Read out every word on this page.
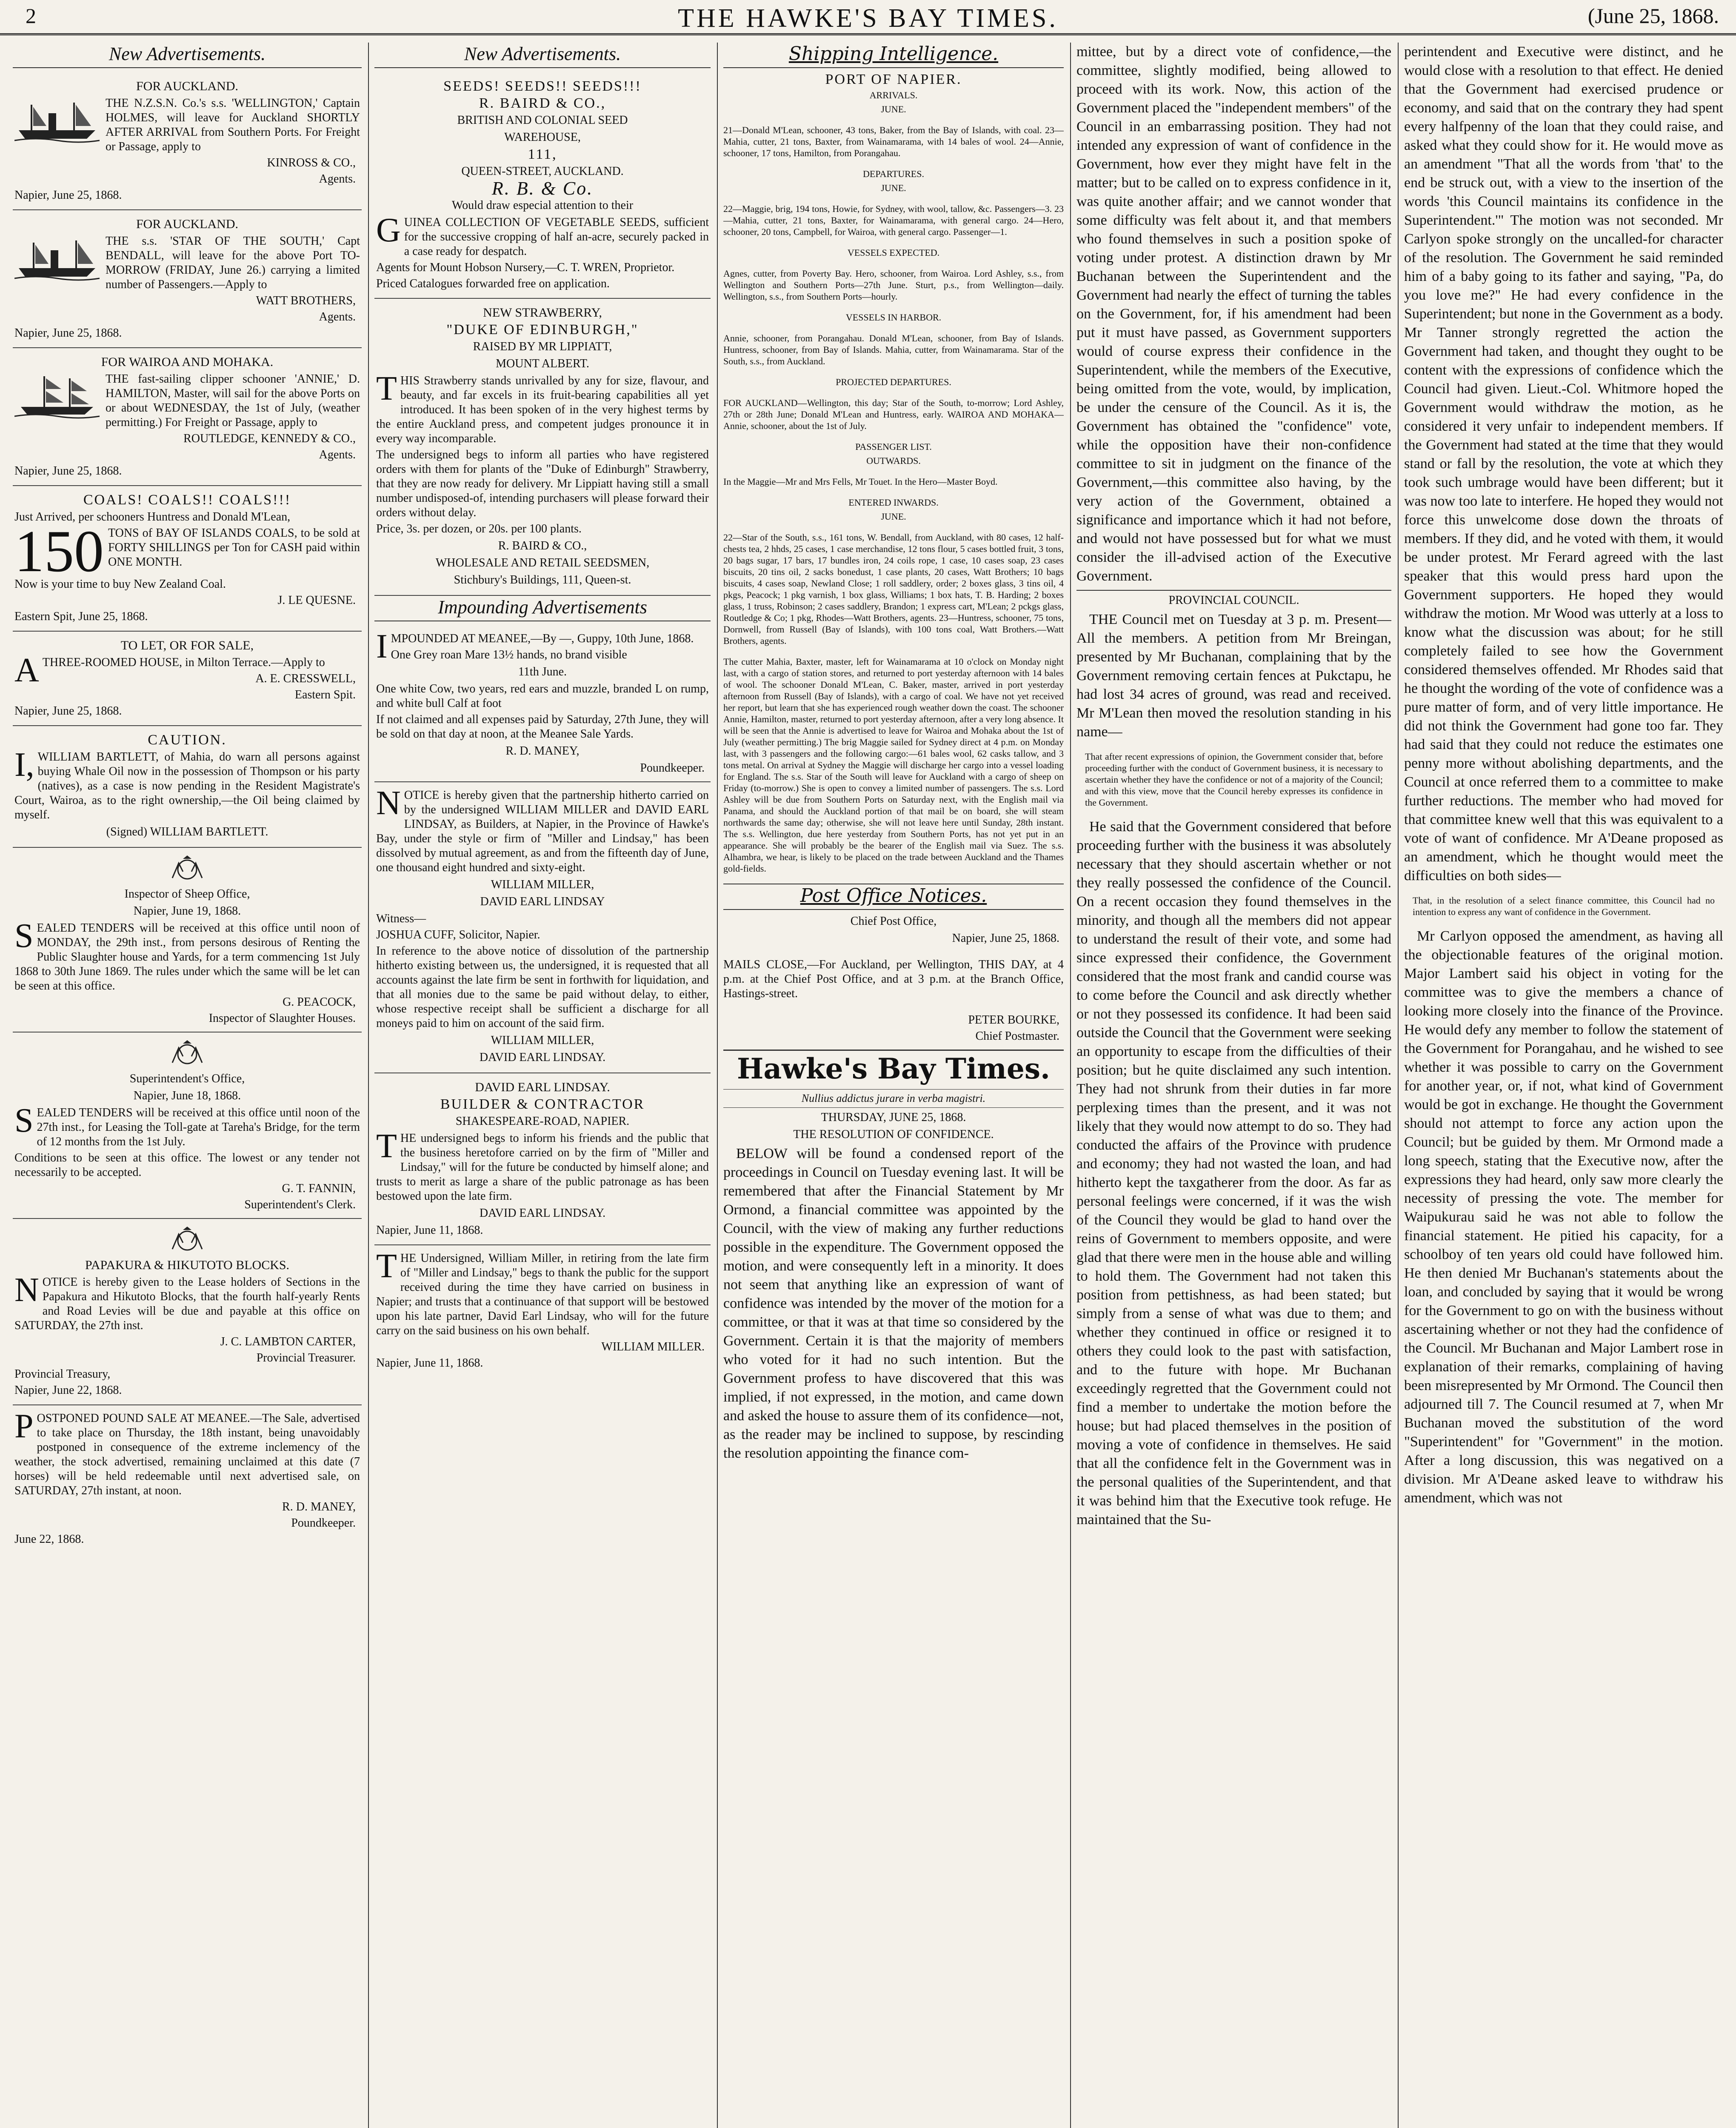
2	THE HAWKE'S BAY TIMES.	(June 25, 1868.
New Advertisements.
FOR AUCKLAND.

THE N.Z.S.N. Co.'s s.s. 'WELLINGTON,' Captain HOLMES, will leave for Auckland SHORTLY AFTER ARRIVAL from Southern Ports. For Freight or Passage, apply to

KINROSS & CO.,
Agents.

Napier, June 25, 1868.

FOR AUCKLAND.

THE s.s. 'STAR OF THE SOUTH,' Capt BENDALL, will leave for the above Port TO-MORROW (FRIDAY, June 26.) carrying a limited number of Passengers.—Apply to

WATT BROTHERS,
Agents.

Napier, June 25, 1868.

FOR WAIROA AND MOHAKA.

THE fast-sailing clipper schooner 'ANNIE,' D. HAMILTON, Master, will sail for the above Ports on or about WEDNESDAY, the 1st of July, (weather permitting.) For Freight or Passage, apply to

ROUTLEDGE, KENNEDY & CO.,
Agents.

Napier, June 25, 1868.

COALS! COALS!! COALS!!!

Just Arrived, per schooners Huntress and Donald M'Lean,

150 TONS of BAY OF ISLANDS COALS, to be sold at FORTY SHILLINGS per Ton for CASH paid within ONE MONTH.

Now is your time to buy New Zealand Coal.

J. LE QUESNE.

Eastern Spit, June 25, 1868.

TO LET, OR FOR SALE,

ATHREE-ROOMED HOUSE, in Milton Terrace.—Apply to

A. E. CRESSWELL,
Eastern Spit.

Napier, June 25, 1868.

CAUTION.

I,WILLIAM BARTLETT, of Mahia, do warn all persons against buying Whale Oil now in the possession of Thompson or his party (natives), as a case is now pending in the Resident Magistrate's Court, Wairoa, as to the right ownership,—the Oil being claimed by myself.

(Signed) WILLIAM BARTLETT.
Inspector of Sheep Office,
Napier, June 19, 1868.

SEALED TENDERS will be received at this office until noon of MONDAY, the 29th inst., from persons desirous of Renting the Public Slaughter house and Yards, for a term commencing 1st July 1868 to 30th June 1869. The rules under which the same will be let can be seen at this office.

G. PEACOCK,
Inspector of Slaughter Houses.
Superintendent's Office,
Napier, June 18, 1868.

SEALED TENDERS will be received at this office until noon of the 27th inst., for Leasing the Toll-gate at Tareha's Bridge, for the term of 12 months from the 1st July.

Conditions to be seen at this office. The lowest or any tender not necessarily to be accepted.

G. T. FANNIN,
Superintendent's Clerk.
PAPAKURA & HIKUTOTO BLOCKS.

NOTICE is hereby given to the Lease holders of Sections in the Papakura and Hikutoto Blocks, that the fourth half-yearly Rents and Road Levies will be due and payable at this office on SATURDAY, the 27th inst.

J. C. LAMBTON CARTER,
Provincial Treasurer.

Provincial Treasury,

Napier, June 22, 1868.

POSTPONED POUND SALE AT MEANEE.—The Sale, advertised to take place on Thursday, the 18th instant, being unavoidably postponed in consequence of the extreme inclemency of the weather, the stock advertised, remaining unclaimed at this date (7 horses) will be held redeemable until next advertised sale, on SATURDAY, 27th instant, at noon.

R. D. MANEY,
Poundkeeper.

June 22, 1868.

New Advertisements.
SEEDS! SEEDS!! SEEDS!!!
R. BAIRD & CO.,
BRITISH AND COLONIAL SEED
WAREHOUSE,
111,
QUEEN-STREET, AUCKLAND.
R. B. & Co.
Would draw especial attention to their

GUINEA COLLECTION OF VEGETABLE SEEDS, sufficient for the successive cropping of half an-acre, securely packed in a case ready for despatch.

Agents for Mount Hobson Nursery,—C. T. WREN, Proprietor.

Priced Catalogues forwarded free on application.

NEW STRAWBERRY,
"DUKE OF EDINBURGH,"
RAISED BY MR LIPPIATT,
MOUNT ALBERT.

THIS Strawberry stands unrivalled by any for size, flavour, and beauty, and far excels in its fruit-bearing capabilities all yet introduced. It has been spoken of in the very highest terms by the entire Auckland press, and competent judges pronounce it in every way incomparable.

The undersigned begs to inform all parties who have registered orders with them for plants of the "Duke of Edinburgh" Strawberry, that they are now ready for delivery. Mr Lippiatt having still a small number undisposed-of, intending purchasers will please forward their orders without delay.

Price, 3s. per dozen, or 20s. per 100 plants.

R. BAIRD & CO.,
WHOLESALE AND RETAIL SEEDSMEN,
Stichbury's Buildings, 111, Queen-st.
Impounding Advertisements

IMPOUNDED AT MEANEE,—By —, Guppy, 10th June, 1868.

One Grey roan Mare 13½ hands, no brand visible

11th June.

One white Cow, two years, red ears and muzzle, branded L on rump, and white bull Calf at foot

If not claimed and all expenses paid by Saturday, 27th June, they will be sold on that day at noon, at the Meanee Sale Yards.

R. D. MANEY,
Poundkeeper.

NOTICE is hereby given that the partnership hitherto carried on by the undersigned WILLIAM MILLER and DAVID EARL LINDSAY, as Builders, at Napier, in the Province of Hawke's Bay, under the style or firm of "Miller and Lindsay," has been dissolved by mutual agreement, as and from the fifteenth day of June, one thousand eight hundred and sixty-eight.

WILLIAM MILLER,
DAVID EARL LINDSAY

Witness—

JOSHUA CUFF, Solicitor, Napier.

In reference to the above notice of dissolution of the partnership hitherto existing between us, the undersigned, it is requested that all accounts against the late firm be sent in forthwith for liquidation, and that all monies due to the same be paid without delay, to either, whose respective receipt shall be sufficient a discharge for all moneys paid to him on account of the said firm.

WILLIAM MILLER,
DAVID EARL LINDSAY.
DAVID EARL LINDSAY.
BUILDER & CONTRACTOR
SHAKESPEARE-ROAD, NAPIER.

THE undersigned begs to inform his friends and the public that the business heretofore carried on by the firm of "Miller and Lindsay," will for the future be conducted by himself alone; and trusts to merit as large a share of the public patronage as has been bestowed upon the late firm.

DAVID EARL LINDSAY.

Napier, June 11, 1868.

THE Undersigned, William Miller, in retiring from the late firm of "Miller and Lindsay," begs to thank the public for the support received during the time they have carried on business in Napier; and trusts that a continuance of that support will be bestowed upon his late partner, David Earl Lindsay, who will for the future carry on the said business on his own behalf.

WILLIAM MILLER.

Napier, June 11, 1868.

Shipping Intelligence.
PORT OF NAPIER.
ARRIVALS.
JUNE.

21—Donald M'Lean, schooner, 43 tons, Baker, from the Bay of Islands, with coal. 23—Mahia, cutter, 21 tons, Baxter, from Wainamarama, with 14 bales of wool. 24—Annie, schooner, 17 tons, Hamilton, from Porangahau.

DEPARTURES.
JUNE.

22—Maggie, brig, 194 tons, Howie, for Sydney, with wool, tallow, &c. Passengers—3. 23—Mahia, cutter, 21 tons, Baxter, for Wainamarama, with general cargo. 24—Hero, schooner, 20 tons, Campbell, for Wairoa, with general cargo. Passenger—1.

VESSELS EXPECTED.

Agnes, cutter, from Poverty Bay. Hero, schooner, from Wairoa. Lord Ashley, s.s., from Wellington and Southern Ports—27th June. Sturt, p.s., from Wellington—daily. Wellington, s.s., from Southern Ports—hourly.

VESSELS IN HARBOR.

Annie, schooner, from Porangahau. Donald M'Lean, schooner, from Bay of Islands. Huntress, schooner, from Bay of Islands. Mahia, cutter, from Wainamarama. Star of the South, s.s., from Auckland.

PROJECTED DEPARTURES.

FOR AUCKLAND—Wellington, this day; Star of the South, to-morrow; Lord Ashley, 27th or 28th June; Donald M'Lean and Huntress, early. WAIROA AND MOHAKA—Annie, schooner, about the 1st of July.

PASSENGER LIST.
OUTWARDS.

In the Maggie—Mr and Mrs Fells, Mr Touet. In the Hero—Master Boyd.

ENTERED INWARDS.
JUNE.

22—Star of the South, s.s., 161 tons, W. Bendall, from Auckland, with 80 cases, 12 half-chests tea, 2 hhds, 25 cases, 1 case merchandise, 12 tons flour, 5 cases bottled fruit, 3 tons, 20 bags sugar, 17 bars, 17 bundles iron, 24 coils rope, 1 case, 10 cases soap, 23 cases biscuits, 20 tins oil, 2 sacks bonedust, 1 case plants, 20 cases, Watt Brothers; 10 bags biscuits, 4 cases soap, Newland Close; 1 roll saddlery, order; 2 boxes glass, 3 tins oil, 4 pkgs, Peacock; 1 pkg varnish, 1 box glass, Williams; 1 box hats, T. B. Harding; 2 boxes glass, 1 truss, Robinson; 2 cases saddlery, Brandon; 1 express cart, M'Lean; 2 pckgs glass, Routledge & Co; 1 pkg, Rhodes—Watt Brothers, agents. 23—Huntress, schooner, 75 tons, Dornwell, from Russell (Bay of Islands), with 100 tons coal, Watt Brothers.—Watt Brothers, agents.

The cutter Mahia, Baxter, master, left for Wainamarama at 10 o'clock on Monday night last, with a cargo of station stores, and returned to port yesterday afternoon with 14 bales of wool. The schooner Donald M'Lean, C. Baker, master, arrived in port yesterday afternoon from Russell (Bay of Islands), with a cargo of coal. We have not yet received her report, but learn that she has experienced rough weather down the coast. The schooner Annie, Hamilton, master, returned to port yesterday afternoon, after a very long absence. It will be seen that the Annie is advertised to leave for Wairoa and Mohaka about the 1st of July (weather permitting.) The brig Maggie sailed for Sydney direct at 4 p.m. on Monday last, with 3 passengers and the following cargo:—61 bales wool, 62 casks tallow, and 3 tons metal. On arrival at Sydney the Maggie will discharge her cargo into a vessel loading for England. The s.s. Star of the South will leave for Auckland with a cargo of sheep on Friday (to-morrow.) She is open to convey a limited number of passengers. The s.s. Lord Ashley will be due from Southern Ports on Saturday next, with the English mail via Panama, and should the Auckland portion of that mail be on board, she will steam northwards the same day; otherwise, she will not leave here until Sunday, 28th instant. The s.s. Wellington, due here yesterday from Southern Ports, has not yet put in an appearance. She will probably be the bearer of the English mail via Suez. The s.s. Alhambra, we hear, is likely to be placed on the trade between Auckland and the Thames gold-fields.

Post Office Notices.
Chief Post Office,
Napier, June 25, 1868.

MAILS CLOSE,—For Auckland, per Wellington, THIS DAY, at 4 p.m. at the Chief Post Office, and at 3 p.m. at the Branch Office, Hastings-street.

PETER BOURKE,
Chief Postmaster.
Hawke's Bay Times.
Nullius addictus jurare in verba magistri.
THURSDAY, JUNE 25, 1868.
THE RESOLUTION OF CONFIDENCE.

BELOW will be found a condensed report of the proceedings in Council on Tuesday evening last. It will be remembered that after the Financial Statement by Mr Ormond, a financial committee was appointed by the Council, with the view of making any further reductions possible in the expenditure. The Government opposed the motion, and were consequently left in a minority. It does not seem that anything like an expression of want of confidence was intended by the mover of the motion for a committee, or that it was at that time so considered by the Government. Certain it is that the majority of members who voted for it had no such intention. But the Government profess to have discovered that this was implied, if not expressed, in the motion, and came down and asked the house to assure them of its confidence—not, as the reader may be inclined to suppose, by rescinding the resolution appointing the finance com-

mittee, but by a direct vote of confidence,—the committee, slightly modified, being allowed to proceed with its work. Now, this action of the Government placed the "independent members" of the Council in an embarrassing position. They had not intended any expression of want of confidence in the Government, how ever they might have felt in the matter; but to be called on to express confidence in it, was quite another affair; and we cannot wonder that some difficulty was felt about it, and that members who found themselves in such a position spoke of voting under protest. A distinction drawn by Mr Buchanan between the Superintendent and the Government had nearly the effect of turning the tables on the Government, for, if his amendment had been put it must have passed, as Government supporters would of course express their confidence in the Superintendent, while the members of the Executive, being omitted from the vote, would, by implication, be under the censure of the Council. As it is, the Government has obtained the "confidence" vote, while the opposition have their non-confidence committee to sit in judgment on the finance of the Government,—this committee also having, by the very action of the Government, obtained a significance and importance which it had not before, and would not have possessed but for what we must consider the ill-advised action of the Executive Government.

PROVINCIAL COUNCIL.

THE Council met on Tuesday at 3 p. m. Present—All the members. A petition from Mr Breingan, presented by Mr Buchanan, complaining that by the Government removing certain fences at Pukctapu, he had lost 34 acres of ground, was read and received. Mr M'Lean then moved the resolution standing in his name—

That after recent expressions of opinion, the Government consider that, before proceeding further with the conduct of Government business, it is necessary to ascertain whether they have the confidence or not of a majority of the Council; and with this view, move that the Council hereby expresses its confidence in the Government.

He said that the Government considered that before proceeding further with the business it was absolutely necessary that they should ascertain whether or not they really possessed the confidence of the Council. On a recent occasion they found themselves in the minority, and though all the members did not appear to understand the result of their vote, and some had since expressed their confidence, the Government considered that the most frank and candid course was to come before the Council and ask directly whether or not they possessed its confidence. It had been said outside the Council that the Government were seeking an opportunity to escape from the difficulties of their position; but he quite disclaimed any such intention. They had not shrunk from their duties in far more perplexing times than the present, and it was not likely that they would now attempt to do so. They had conducted the affairs of the Province with prudence and economy; they had not wasted the loan, and had hitherto kept the taxgatherer from the door. As far as personal feelings were concerned, if it was the wish of the Council they would be glad to hand over the reins of Government to members opposite, and were glad that there were men in the house able and willing to hold them. The Government had not taken this position from pettishness, as had been stated; but simply from a sense of what was due to them; and whether they continued in office or resigned it to others they could look to the past with satisfaction, and to the future with hope. Mr Buchanan exceedingly regretted that the Government could not find a member to undertake the motion before the house; but had placed themselves in the position of moving a vote of confidence in themselves. He said that all the confidence felt in the Government was in the personal qualities of the Superintendent, and that it was behind him that the Executive took refuge. He maintained that the Su-

perintendent and Executive were distinct, and he would close with a resolution to that effect. He denied that the Government had exercised prudence or economy, and said that on the contrary they had spent every halfpenny of the loan that they could raise, and asked what they could show for it. He would move as an amendment "That all the words from 'that' to the end be struck out, with a view to the insertion of the words 'this Council maintains its confidence in the Superintendent.'" The motion was not seconded. Mr Carlyon spoke strongly on the uncalled-for character of the resolution. The Government he said reminded him of a baby going to its father and saying, "Pa, do you love me?" He had every confidence in the Superintendent; but none in the Government as a body. Mr Tanner strongly regretted the action the Government had taken, and thought they ought to be content with the expressions of confidence which the Council had given. Lieut.-Col. Whitmore hoped the Government would withdraw the motion, as he considered it very unfair to independent members. If the Government had stated at the time that they would stand or fall by the resolution, the vote at which they took such umbrage would have been different; but it was now too late to interfere. He hoped they would not force this unwelcome dose down the throats of members. If they did, and he voted with them, it would be under protest. Mr Ferard agreed with the last speaker that this would press hard upon the Government supporters. He hoped they would withdraw the motion. Mr Wood was utterly at a loss to know what the discussion was about; for he still completely failed to see how the Government considered themselves offended. Mr Rhodes said that he thought the wording of the vote of confidence was a pure matter of form, and of very little importance. He did not think the Government had gone too far. They had said that they could not reduce the estimates one penny more without abolishing departments, and the Council at once referred them to a committee to make further reductions. The member who had moved for that committee knew well that this was equivalent to a vote of want of confidence. Mr A'Deane proposed as an amendment, which he thought would meet the difficulties on both sides—

That, in the resolution of a select finance committee, this Council had no intention to express any want of confidence in the Government.

Mr Carlyon opposed the amendment, as having all the objectionable features of the original motion. Major Lambert said his object in voting for the committee was to give the members a chance of looking more closely into the finance of the Province. He would defy any member to follow the statement of the Government for Porangahau, and he wished to see whether it was possible to carry on the Government for another year, or, if not, what kind of Government would be got in exchange. He thought the Government should not attempt to force any action upon the Council; but be guided by them. Mr Ormond made a long speech, stating that the Executive now, after the expressions they had heard, only saw more clearly the necessity of pressing the vote. The member for Waipukurau said he was not able to follow the financial statement. He pitied his capacity, for a schoolboy of ten years old could have followed him. He then denied Mr Buchanan's statements about the loan, and concluded by saying that it would be wrong for the Government to go on with the business without ascertaining whether or not they had the confidence of the Council. Mr Buchanan and Major Lambert rose in explanation of their remarks, complaining of having been misrepresented by Mr Ormond. The Council then adjourned till 7. The Council resumed at 7, when Mr Buchanan moved the substitution of the word "Superintendent" for "Government" in the motion. After a long discussion, this was negatived on a division. Mr A'Deane asked leave to withdraw his amendment, which was not
